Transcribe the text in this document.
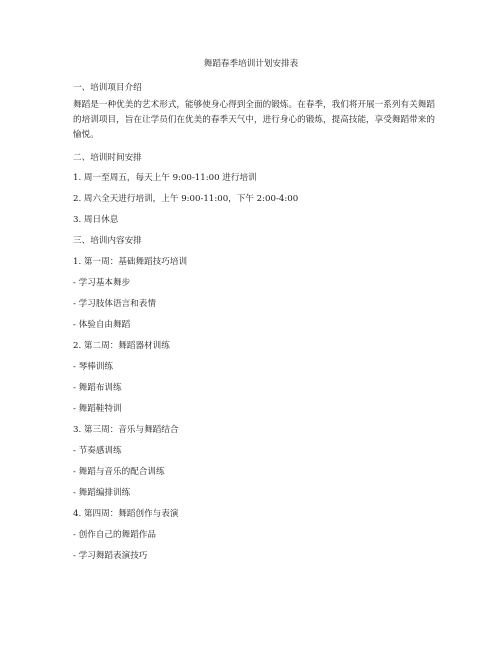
舞蹈春季培训计划安排表
一、培训项目介绍
舞蹈是一种优美的艺术形式，能够使身心得到全面的锻炼。在春季，我们将开展一系列有关舞蹈的培训项目，旨在让学员们在优美的春季天气中，进行身心的锻炼，提高技能，享受舞蹈带来的愉悦。
二、培训时间安排
1. 周一至周五，每天上午 9:00-11:00 进行培训
2. 周六全天进行培训，上午 9:00-11:00，下午 2:00-4:00
3. 周日休息
三、培训内容安排
1. 第一周：基础舞蹈技巧培训
- 学习基本舞步
- 学习肢体语言和表情
- 体验自由舞蹈
2. 第二周：舞蹈器材训练
- 琴棒训练
- 舞蹈布训练
- 舞蹈鞋特训
3. 第三周：音乐与舞蹈结合
- 节奏感训练
- 舞蹈与音乐的配合训练
- 舞蹈编排训练
4. 第四周：舞蹈创作与表演
- 创作自己的舞蹈作品
- 学习舞蹈表演技巧
